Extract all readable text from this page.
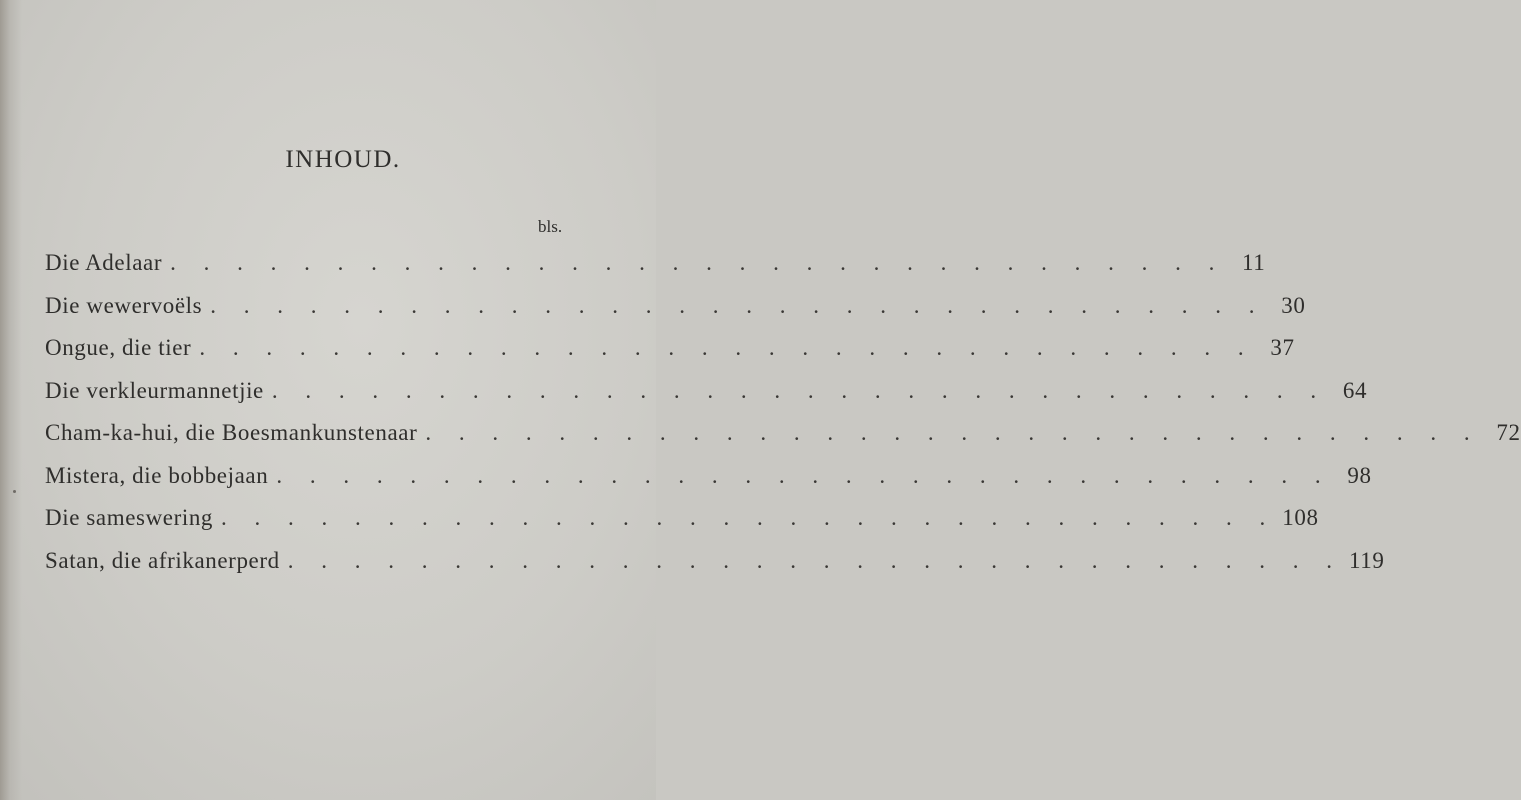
INHOUD.
bls.
Die Adelaar . . . . . . . . . . . . . . . . . . . . . . . . . . . . . . . . 11
Die wewervoëls . . . . . . . . . . . . . . . . . . . . . . . . . . . . . . . . 30
Ongue, die tier . . . . . . . . . . . . . . . . . . . . . . . . . . . . . . . . 37
Die verkleurmannetjie . . . . . . . . . . . . . . . . . . . . . . . . . . . . . . . . 64
Cham-ka-hui, die Boesmankunstenaar . . . . . . . . . . . . . . . . . . . . . . . . . . . . . . . . 72
Mistera, die bobbejaan . . . . . . . . . . . . . . . . . . . . . . . . . . . . . . . . 98
Die sameswering . . . . . . . . . . . . . . . . . . . . . . . . . . . . . . . . 108
Satan, die afrikanerperd . . . . . . . . . . . . . . . . . . . . . . . . . . . . . . . . 119
